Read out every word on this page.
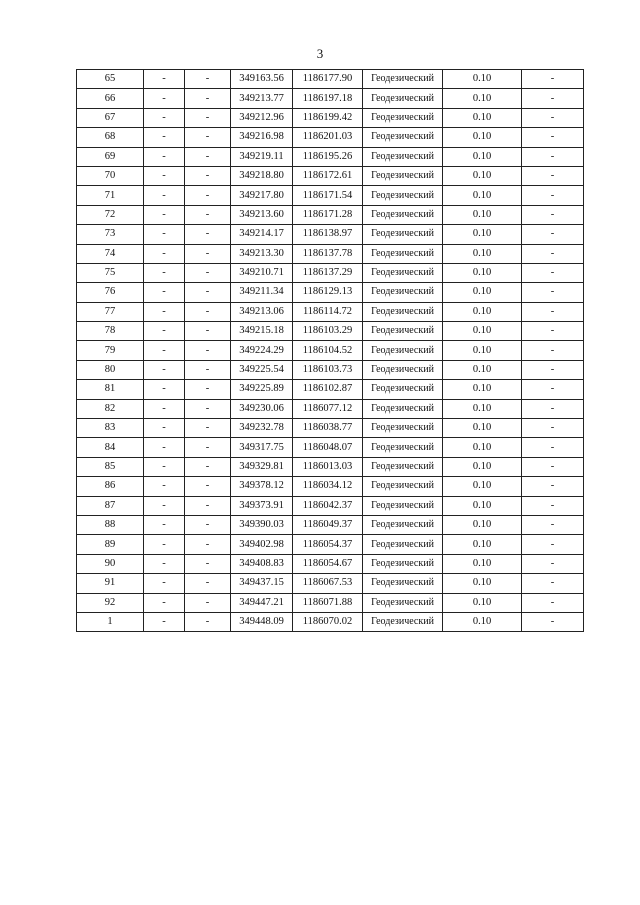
3
65	-	-	349163.56	1186177.90	Геодезический	0.10	-
66	-	-	349213.77	1186197.18	Геодезический	0.10	-
67	-	-	349212.96	1186199.42	Геодезический	0.10	-
68	-	-	349216.98	1186201.03	Геодезический	0.10	-
69	-	-	349219.11	1186195.26	Геодезический	0.10	-
70	-	-	349218.80	1186172.61	Геодезический	0.10	-
71	-	-	349217.80	1186171.54	Геодезический	0.10	-
72	-	-	349213.60	1186171.28	Геодезический	0.10	-
73	-	-	349214.17	1186138.97	Геодезический	0.10	-
74	-	-	349213.30	1186137.78	Геодезический	0.10	-
75	-	-	349210.71	1186137.29	Геодезический	0.10	-
76	-	-	349211.34	1186129.13	Геодезический	0.10	-
77	-	-	349213.06	1186114.72	Геодезический	0.10	-
78	-	-	349215.18	1186103.29	Геодезический	0.10	-
79	-	-	349224.29	1186104.52	Геодезический	0.10	-
80	-	-	349225.54	1186103.73	Геодезический	0.10	-
81	-	-	349225.89	1186102.87	Геодезический	0.10	-
82	-	-	349230.06	1186077.12	Геодезический	0.10	-
83	-	-	349232.78	1186038.77	Геодезический	0.10	-
84	-	-	349317.75	1186048.07	Геодезический	0.10	-
85	-	-	349329.81	1186013.03	Геодезический	0.10	-
86	-	-	349378.12	1186034.12	Геодезический	0.10	-
87	-	-	349373.91	1186042.37	Геодезический	0.10	-
88	-	-	349390.03	1186049.37	Геодезический	0.10	-
89	-	-	349402.98	1186054.37	Геодезический	0.10	-
90	-	-	349408.83	1186054.67	Геодезический	0.10	-
91	-	-	349437.15	1186067.53	Геодезический	0.10	-
92	-	-	349447.21	1186071.88	Геодезический	0.10	-
1	-	-	349448.09	1186070.02	Геодезический	0.10	-
